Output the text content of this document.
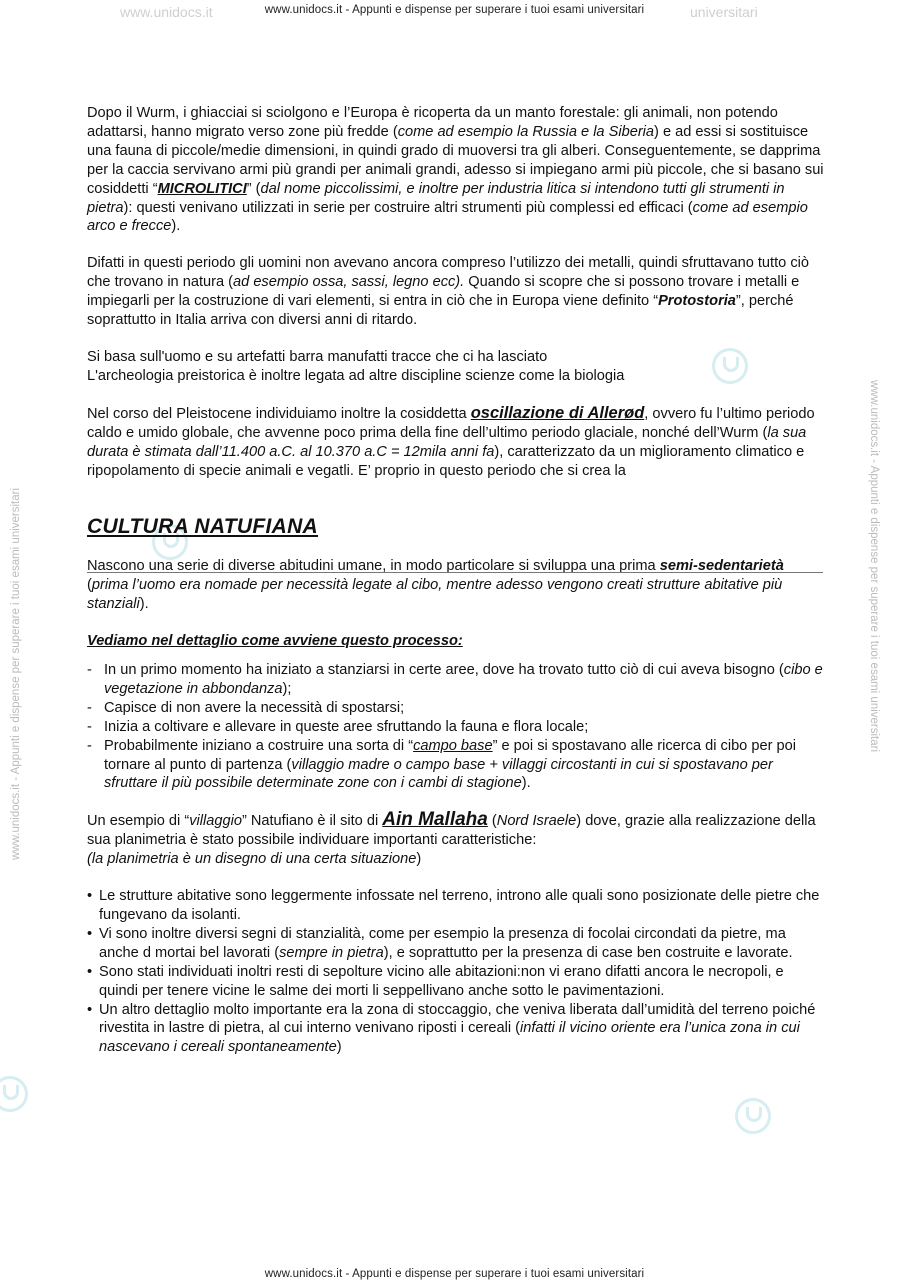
www.unidocs.it	universitari
www.unidocs.it - Appunti e dispense per superare i tuoi esami universitari
www.unidocs.it - Appunti e dispense per superare i tuoi esami universitari
www.unidocs.it - Appunti e dispense per superare i tuoi esami universitari

Dopo il Wurm, i ghiacciai si sciolgono e l’Europa è ricoperta da un manto forestale: gli animali, non potendo adattarsi, hanno migrato verso zone più fredde (come ad esempio la Russia e la Siberia) e ad essi si sostituisce una fauna di piccole/medie dimensioni, in quindi grado di muoversi tra gli alberi. Conseguentemente, se dapprima per la caccia servivano armi più grandi per animali grandi, adesso si impiegano armi più piccole, che si basano sui cosiddetti “MICROLITICI” (dal nome piccolissimi, e inoltre per industria litica si intendono tutti gli strumenti in pietra): questi venivano utilizzati in serie per costruire altri strumenti più complessi ed efficaci (come ad esempio arco e frecce).

Difatti in questi periodo gli uomini non avevano ancora compreso l’utilizzo dei metalli, quindi sfruttavano tutto ciò che trovano in natura (ad esempio ossa, sassi, legno ecc). Quando si scopre che si possono trovare i metalli e impiegarli per la costruzione di vari elementi, si entra in ciò che in Europa viene definito “Protostoria”, perché soprattutto in Italia arriva con diversi anni di ritardo.

Si basa sull'uomo e su artefatti barra manufatti tracce che ci ha lasciato
L'archeologia preistorica è inoltre legata ad altre discipline scienze come la biologia

Nel corso del Pleistocene individuiamo inoltre la cosiddetta oscillazione di Allerød, ovvero fu l’ultimo periodo caldo e umido globale, che avvenne poco prima della fine dell’ultimo periodo glaciale, nonché dell’Wurm (la sua durata è stimata dall’11.400 a.C. al 10.370 a.C = 12mila anni fa), caratterizzato da un miglioramento climatico e ripopolamento di specie animali e vegatli. E’ proprio in questo periodo che si crea la

CULTURA NATUFIANA

Nascono una serie di diverse abitudini umane, in modo particolare si sviluppa una prima semi-sedentarietà (prima l’uomo era nomade per necessità legate al cibo, mentre adesso vengono creati strutture abitative più stanziali).

Vediamo nel dettaglio come avviene questo processo:

- In un primo momento ha iniziato a stanziarsi in certe aree, dove ha trovato tutto ciò di cui aveva bisogno (cibo e vegetazione in abbondanza);
- Capisce di non avere la necessità di spostarsi;
- Inizia a coltivare e allevare in queste aree sfruttando la fauna e flora locale;
- Probabilmente iniziano a costruire una sorta di “campo base” e poi si spostavano alle ricerca di cibo per poi tornare al punto di partenza (villaggio madre o campo base + villaggi circostanti in cui si spostavano per sfruttare il più possibile determinate zone con i cambi di stagione).

Un esempio di “villaggio” Natufiano è il sito di Ain Mallaha (Nord Israele) dove, grazie alla realizzazione della sua planimetria è stato possibile individuare importanti caratteristiche:
(la planimetria è un disegno di una certa situazione)

• Le strutture abitative sono leggermente infossate nel terreno, introno alle quali sono posizionate delle pietre che fungevano da isolanti.
• Vi sono inoltre diversi segni di stanzialità, come per esempio la presenza di focolai circondati da pietre, ma anche d mortai bel lavorati (sempre in pietra), e soprattutto per la presenza di case ben costruite e lavorate.
• Sono stati individuati inoltri resti di sepolture vicino alle abitazioni:non vi erano difatti ancora le necropoli, e quindi per tenere vicine le salme dei morti li seppellivano anche sotto le pavimentazioni.
• Un altro dettaglio molto importante era la zona di stoccaggio, che veniva liberata dall’umidità del terreno poiché rivestita in lastre di pietra, al cui interno venivano riposti i cereali (infatti il vicino oriente era l’unica zona in cui nascevano i cereali spontaneamente)
www.unidocs.it - Appunti e dispense per superare i tuoi esami universitari
